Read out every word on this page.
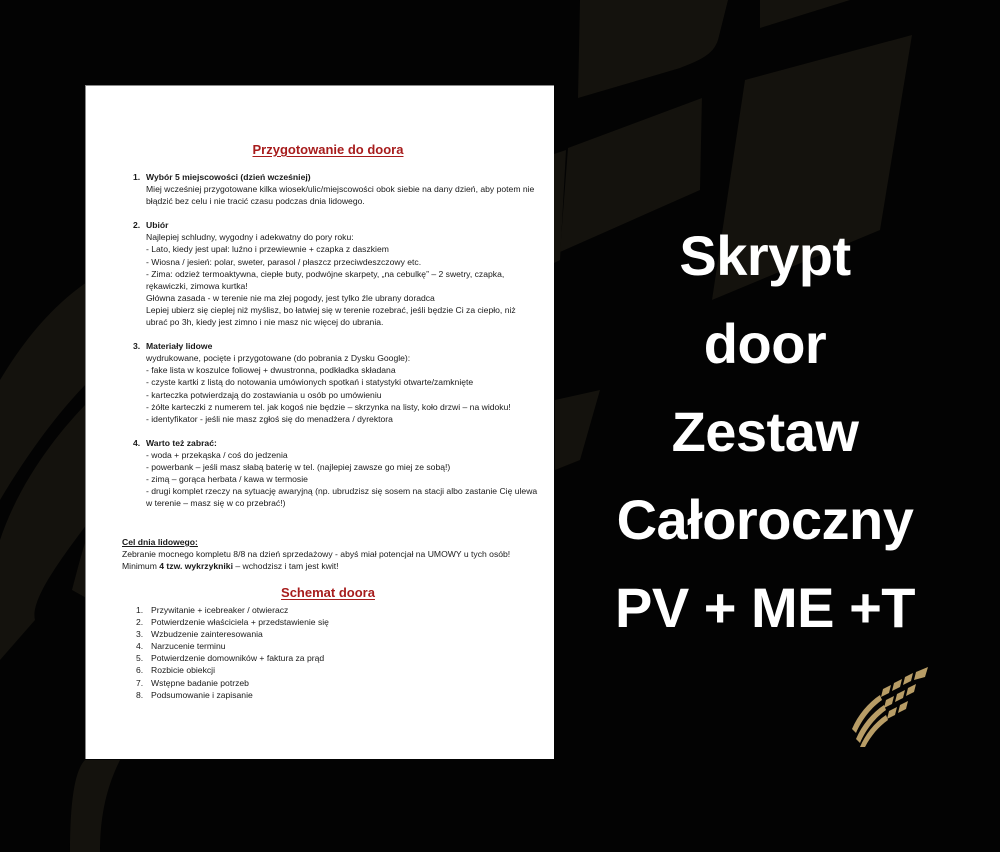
Przygotowanie do doora
1. Wybór 5 miejscowości (dzień wcześniej)
Miej wcześniej przygotowane kilka wiosek/ulic/miejscowości obok siebie na dany dzień, aby potem nie błądzić bez celu i nie tracić czasu podczas dnia lidowego.
2. Ubiór
Najlepiej schludny, wygodny i adekwatny do pory roku:
- Lato, kiedy jest upał: luźno i przewiewnie + czapka z daszkiem
- Wiosna / jesień: polar, sweter, parasol / płaszcz przeciwdeszczowy etc.
- Zima: odzież termoaktywna, ciepłe buty, podwójne skarpety, „na cebulkę” – 2 swetry, czapka, rękawiczki, zimowa kurtka!
Główna zasada - w terenie nie ma złej pogody, jest tylko źle ubrany doradca
Lepiej ubierz się cieplej niż myślisz, bo łatwiej się w terenie rozebrać, jeśli będzie Ci za ciepło, niż ubrać po 3h, kiedy jest zimno i nie masz nic więcej do ubrania.
3. Materiały lidowe
wydrukowane, pocięte i przygotowane (do pobrania z Dysku Google):
- fake lista w koszulce foliowej + dwustronna, podkładka składana
- czyste kartki z listą do notowania umówionych spotkań i statystyki otwarte/zamknięte
- karteczka potwierdzają do zostawiania u osób po umówieniu
- żółte karteczki z numerem tel. jak kogoś nie będzie – skrzynka na listy, koło drzwi – na widoku!
- identyfikator - jeśli nie masz zgłoś się do menadżera / dyrektora
4. Warto też zabrać:
- woda + przekąska / coś do jedzenia
- powerbank – jeśli masz słabą baterię w tel. (najlepiej zawsze go miej ze sobą!)
- zimą – gorąca herbata / kawa w termosie
- drugi komplet rzeczy na sytuację awaryjną (np. ubrudzisz się sosem na stacji albo zastanie Cię ulewa w terenie – masz się w co przebrać!)
Cel dnia lidowego:
Zebranie mocnego kompletu 8/8 na dzień sprzedażowy - abyś miał potencjał na UMOWY u tych osób! Minimum 4 tzw. wykrzykniki – wchodzisz i tam jest kwit!
Schemat doora
1. Przywitanie + icebreaker / otwieracz
2. Potwierdzenie właściciela + przedstawienie się
3. Wzbudzenie zainteresowania
4. Narzucenie terminu
5. Potwierdzenie domowników + faktura za prąd
6. Rozbicie obiekcji
7. Wstępne badanie potrzeb
8. Podsumowanie i zapisanie
Skrypt
door
Zestaw
Całoroczny
PV + ME +T
